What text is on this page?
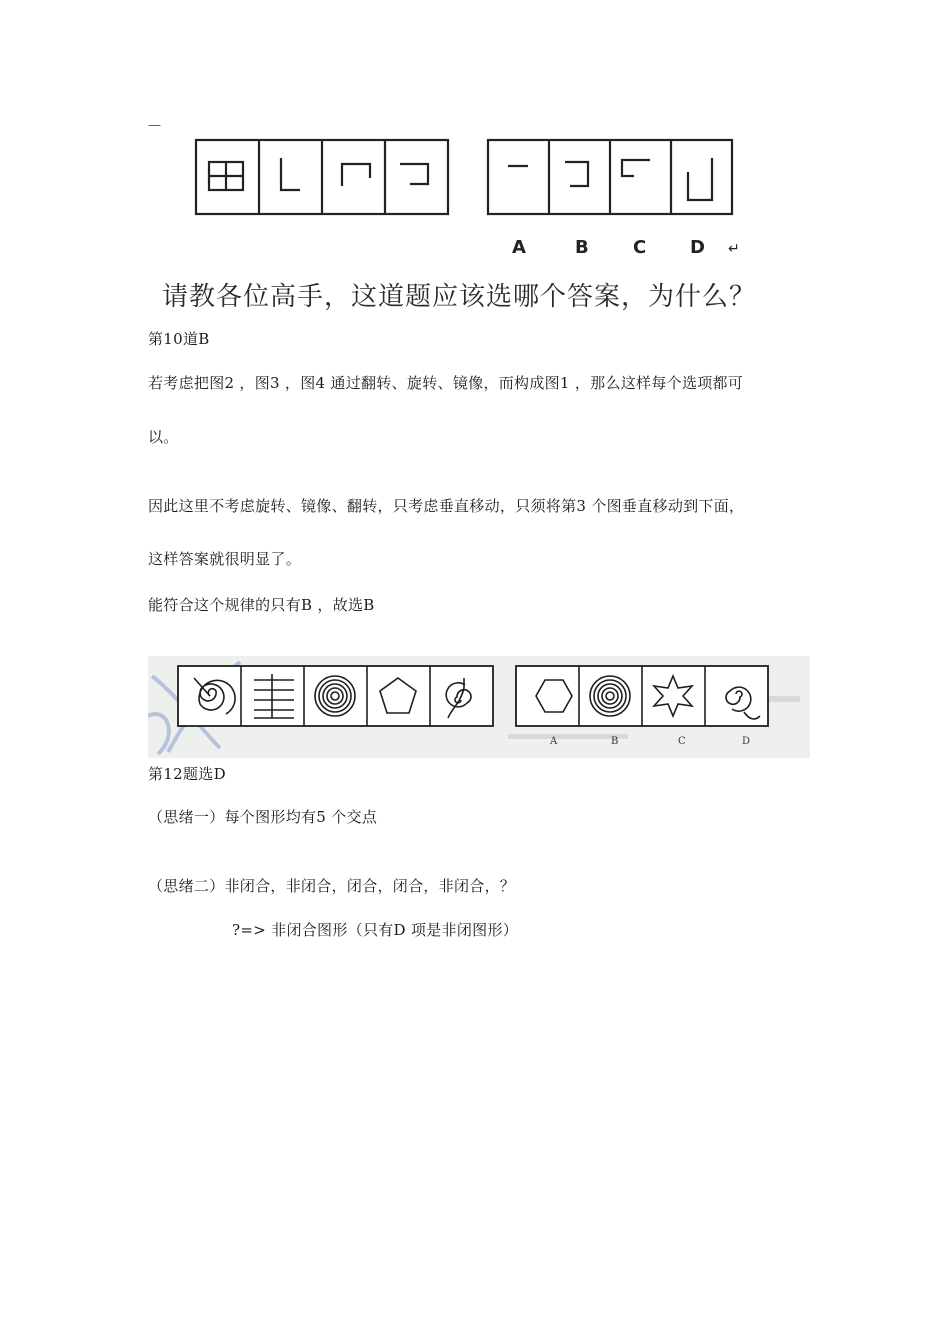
—
A	B C D ↵
请教各位高手，这道题应该选哪个答案，为什么？
第10道B
若考虑把图2 ，图3 ，图4 通过翻转、旋转、镜像，而构成图1 ，那么这样每个选项都可
以。
因此这里不考虑旋转、镜像、翻转，只考虑垂直移动，只须将第3 个图垂直移动到下面，
这样答案就很明显了。
能符合这个规律的只有B ，故选B
A	B	C	D
第12题选D
（思绪一）每个图形均有5 个交点
（思绪二）非闭合，非闭合，闭合，闭合，非闭合，？
?=> 非闭合图形（只有D 项是非闭图形）
